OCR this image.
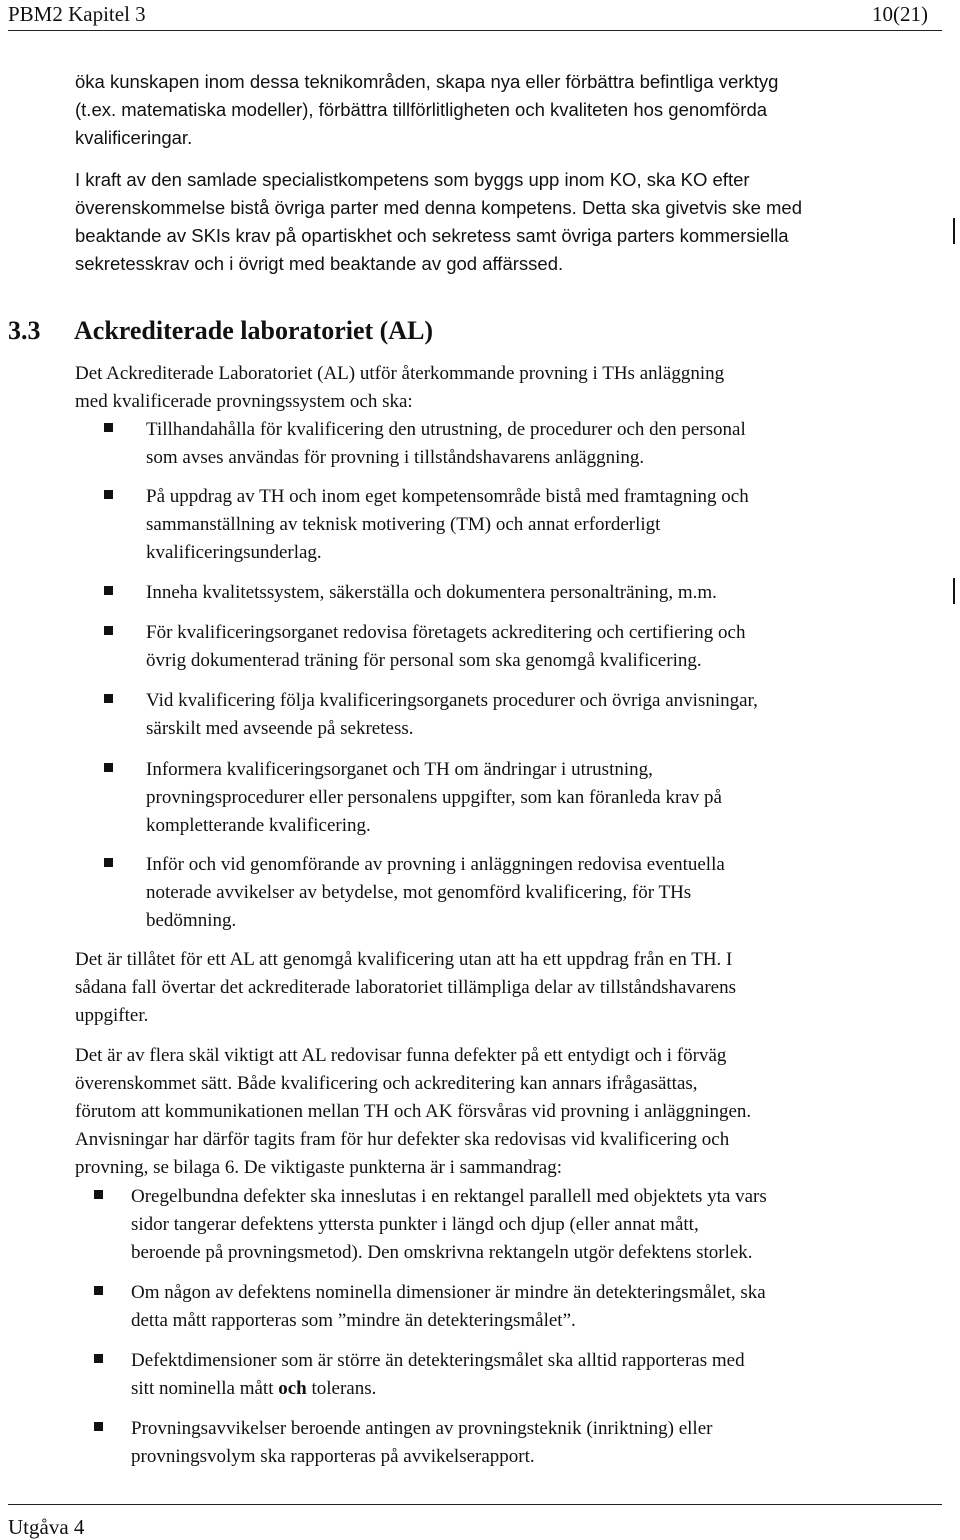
PBM2 Kapitel 3	10(21)
öka kunskapen inom dessa teknikområden, skapa nya eller förbättra befintliga verktyg
(t.ex. matematiska modeller), förbättra tillförlitligheten och kvaliteten hos genomförda
kvalificeringar.
I kraft av den samlade specialistkompetens som byggs upp inom KO, ska KO efter
överenskommelse bistå övriga parter med denna kompetens. Detta ska givetvis ske med
beaktande av SKIs krav på opartiskhet och sekretess samt övriga parters kommersiella
sekretesskrav och i övrigt med beaktande av god affärssed.
3.3 Ackrediterade laboratoriet (AL)
Det Ackrediterade Laboratoriet (AL) utför återkommande provning i THs anläggning
med kvalificerade provningssystem och ska:
Tillhandahålla för kvalificering den utrustning, de procedurer och den personal
som avses användas för provning i tillståndshavarens anläggning.
På uppdrag av TH och inom eget kompetensområde bistå med framtagning och
sammanställning av teknisk motivering (TM) och annat erforderligt
kvalificeringsunderlag.
Inneha kvalitetssystem, säkerställa och dokumentera personalträning, m.m.
För kvalificeringsorganet redovisa företagets ackreditering och certifiering och
övrig dokumenterad träning för personal som ska genomgå kvalificering.
Vid kvalificering följa kvalificeringsorganets procedurer och övriga anvisningar,
särskilt med avseende på sekretess.
Informera kvalificeringsorganet och TH om ändringar i utrustning,
provningsprocedurer eller personalens uppgifter, som kan föranleda krav på
kompletterande kvalificering.
Inför och vid genomförande av provning i anläggningen redovisa eventuella
noterade avvikelser av betydelse, mot genomförd kvalificering, för THs
bedömning.
Det är tillåtet för ett AL att genomgå kvalificering utan att ha ett uppdrag från en TH. I
sådana fall övertar det ackrediterade laboratoriet tillämpliga delar av tillståndshavarens
uppgifter.
Det är av flera skäl viktigt att AL redovisar funna defekter på ett entydigt och i förväg
överenskommet sätt. Både kvalificering och ackreditering kan annars ifrågasättas,
förutom att kommunikationen mellan TH och AK försvåras vid provning i anläggningen.
Anvisningar har därför tagits fram för hur defekter ska redovisas vid kvalificering och
provning, se bilaga 6. De viktigaste punkterna är i sammandrag:
Oregelbundna defekter ska inneslutas i en rektangel parallell med objektets yta vars
sidor tangerar defektens yttersta punkter i längd och djup (eller annat mått,
beroende på provningsmetod). Den omskrivna rektangeln utgör defektens storlek.
Om någon av defektens nominella dimensioner är mindre än detekteringsmålet, ska
detta mått rapporteras som ”mindre än detekteringsmålet”.
Defektdimensioner som är större än detekteringsmålet ska alltid rapporteras med
sitt nominella mått och tolerans.
Provningsavvikelser beroende antingen av provningsteknik (inriktning) eller
provningsvolym ska rapporteras på avvikelserapport.
Utgåva 4
